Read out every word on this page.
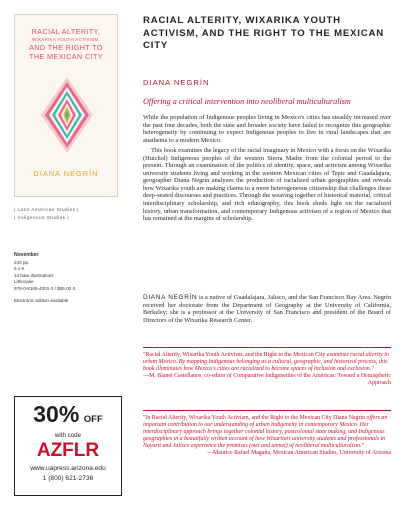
RACIAL ALTERITY,
WIXARIKA YOUTH ACTIVISM,
AND THE RIGHT TO
THE MEXICAN CITY
DIANA NEGRÍN
| Latin American Studies |
| Indigenous Studies |
November
240 pp.
6 x 9
14 b&w illustrations
Lithocase
978-0-8165-4001-3 / $55.00 S
Electronic edition available
30% OFF
with code
AZFLR
www.uapress.arizona.edu
1 (800) 621-2736
RACIAL ALTERITY, WIXARIKA YOUTH ACTIVISM, AND THE RIGHT TO THE MEXICAN CITY
DIANA NEGRÍN
Offering a critical intervention into neoliberal multiculturalism

While the population of Indigenous peoples living in Mexico's cities has steadily increased over the past four decades, both the state and broader society have failed to recognize this geographic heterogeneity by continuing to expect Indigenous peoples to live in rural landscapes that are anathema to a modern Mexico.

This book examines the legacy of the racial imaginary in Mexico with a focus on the Wixarika (Huichol) Indigenous peoples of the western Sierra Madre from the colonial period to the present. Through an examination of the politics of identity, space, and activism among Wixarika university students living and working in the western Mexican cities of Tepic and Guadalajara, geographer Diana Negrín analyzes the production of racialized urban geographies and reveals how Wixarika youth are making claims to a more heterogeneous citizenship that challenges these deep-seated discourses and practices. Through the weaving together of historical material, critical interdisciplinary scholarship, and rich ethnography, this book sheds light on the racialized history, urban transformation, and contemporary Indigenous activism of a region of Mexico that has remained at the margins of scholarship.

DIANA NEGRÍN is a native of Guadalajara, Jalisco, and the San Francisco Bay Area. Negrín received her doctorate from the Department of Geography at the University of California, Berkeley; she is a professor at the University of San Francisco and president of the Board of Directors of the Wixarika Research Center.
"Racial Alterity, Wixarika Youth Activism, and the Right to the Mexican City examines racial alterity in urban Mexico. By mapping Indigenous belonging as a cultural, geographic, and historical process, this book illuminates how Mexico's cities are racialized to become spaces of inclusion and exclusion."
—M. Bianet Castellanos, co-editor of Comparative Indigeneities of the Américas: Toward a Hemispheric Approach
"In Racial Alterity, Wixarika Youth Activism, and the Right to the Mexican City Diana Negrín offers an important contribution to our understanding of urban indigeneity in contemporary Mexico. Her interdisciplinary approach brings together colonial history, postcolonial state making, and Indigenous geographies in a beautifully written account of how Wixaritari university students and professionals in Nayarit and Jalisco experience the promises (met and unmet) of neoliberal multiculturalism."
—Maurice Rafael Magaña, Mexican American Studies, University of Arizona
